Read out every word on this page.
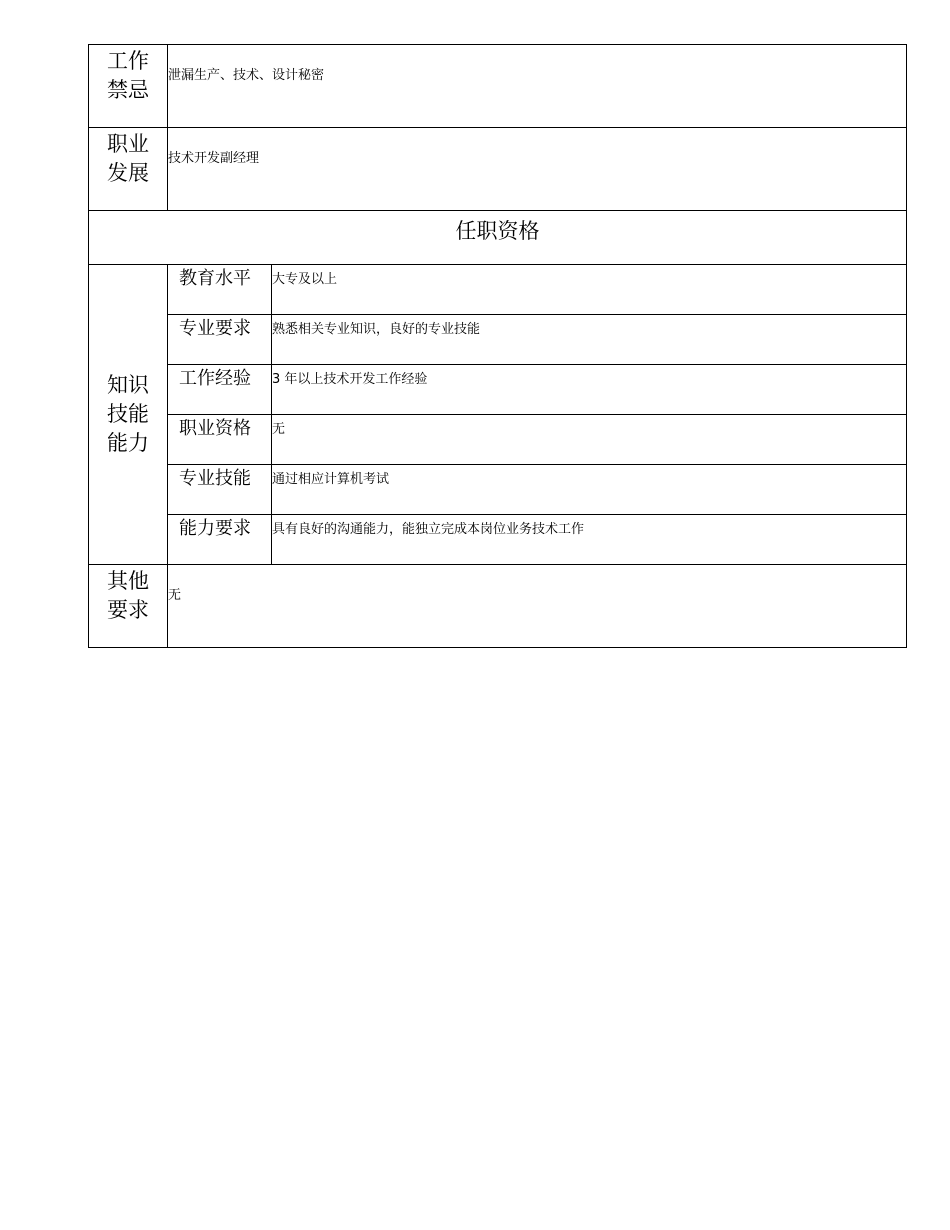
工作
禁忌	泄漏生产、技术、设计秘密	

职业
发展	技术开发副经理	
任职资格		

知识
技能
能力	教育水平	大专及以上
	专业要求	熟悉相关专业知识，良好的专业技能
	工作经验	3 年以上技术开发工作经验
	职业资格	无
	专业技能	通过相应计算机考试
	能力要求	具有良好的沟通能力，能独立完成本岗位业务技术工作

其他
要求	无	
